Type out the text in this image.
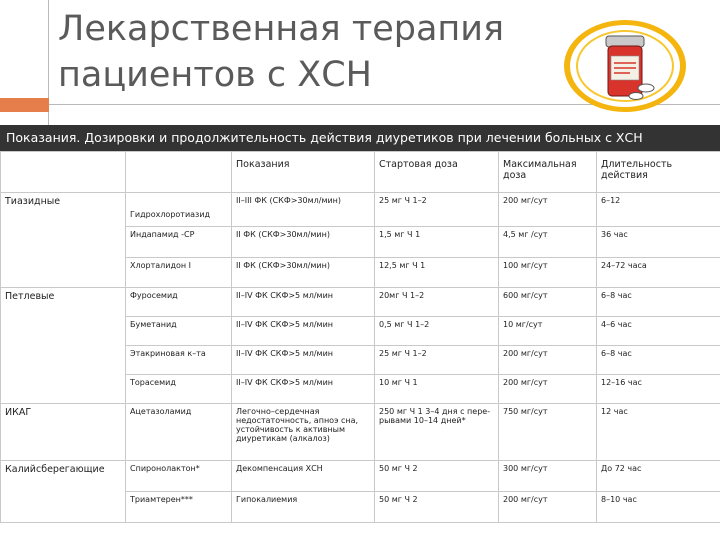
Лекарственная терапия пациентов с ХСН
Показания. Дозировки и продолжительность действия диуретиков при лечении больных с ХСН
		Показания	Стартовая доза	Максимальная доза	Длительность действия
Тиазидные	Гидрохлоротиазид	II–III ФК (СКФ>30мл/мин)	25 мг Ч 1–2	200 мг/сут	6–12
	Индапамид -СР	II ФК (СКФ>30мл/мин)	1,5 мг Ч 1	4,5 мг /сут	36 час
	Хлорталидон I	II ФК (СКФ>30мл/мин)	12,5 мг Ч 1	100 мг/сут	24–72 часа
Петлевые	Фуросемид	II–IV ФК СКФ>5 мл/мин	20мг Ч 1–2	600 мг/сут	6–8 час
	Буметанид	II–IV ФК СКФ>5 мл/мин	0,5 мг Ч 1–2	10 мг/сут	4–6 час
	Этакриновая к–та	II–IV ФК СКФ>5 мл/мин	25 мг Ч 1–2	200 мг/сут	6–8 час
	Торасемид	II–IV ФК СКФ>5 мл/мин	10 мг Ч 1	200 мг/сут	12–16 час
ИКАГ	Ацетазоламид	Легочно–сердечная недостаточность, апноэ сна, устойчивость к активным диуретикам (алкалоз)	250 мг Ч 1 3–4 дня с пере- рывами 10–14 дней*	750 мг/сут	12 час
Калийсберегающие	Спиронолактон*	Декомпенсация ХСН	50 мг Ч 2	300 мг/сут	До 72 час
	Триамтерен***	Гипокалиемия	50 мг Ч 2	200 мг/сут	8–10 час
